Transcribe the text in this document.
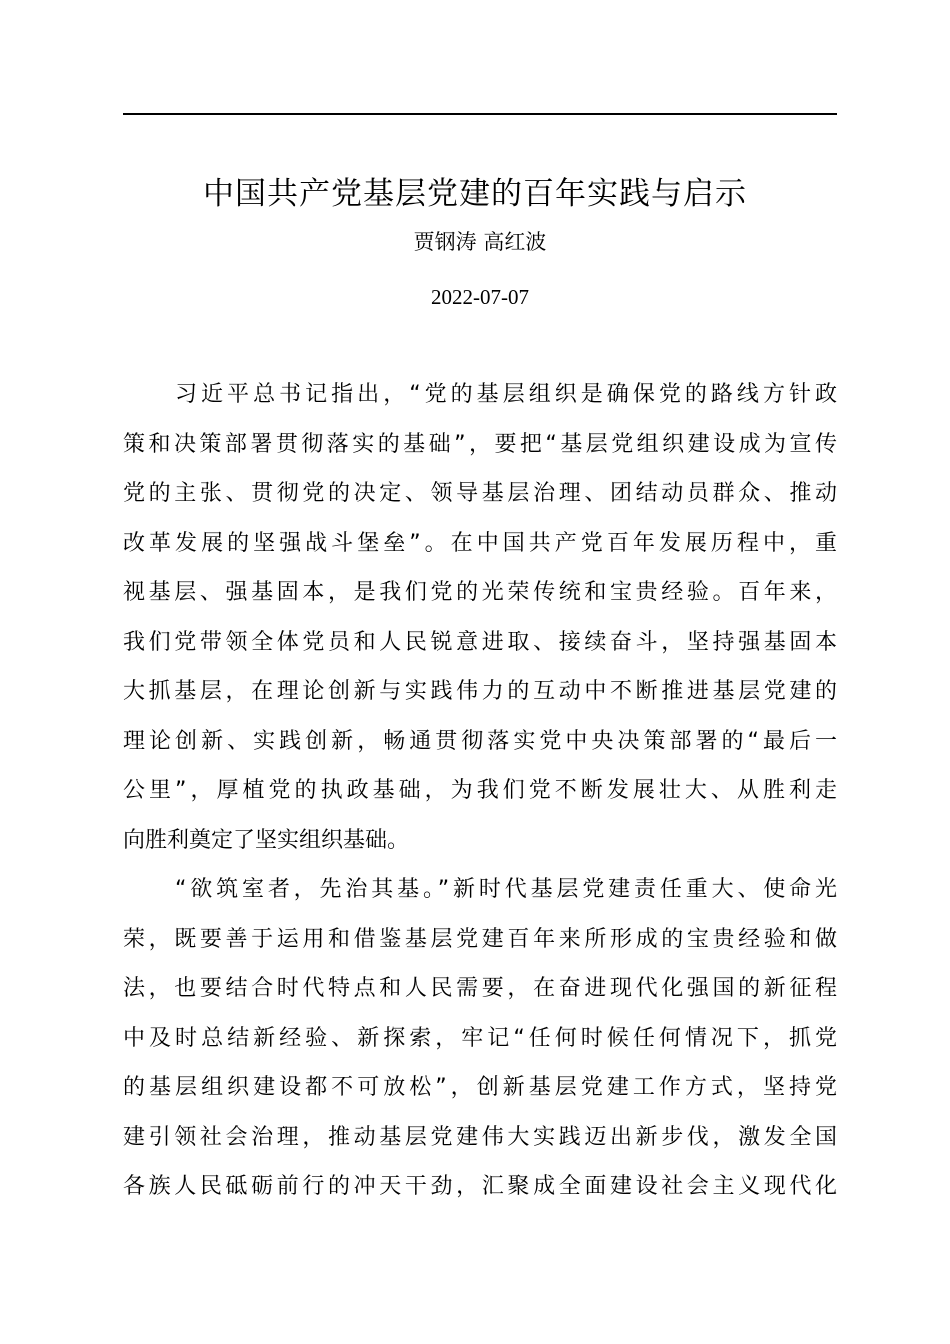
中国共产党基层党建的百年实践与启示
贾钢涛 高红波
2022-07-07
习近平总书记指出，“党的基层组织是确保党的路线方针政
策和决策部署贯彻落实的基础”，要把“基层党组织建设成为宣传
党的主张、贯彻党的决定、领导基层治理、团结动员群众、推动
改革发展的坚强战斗堡垒”。在中国共产党百年发展历程中，重
视基层、强基固本，是我们党的光荣传统和宝贵经验。百年来，
我们党带领全体党员和人民锐意进取、接续奋斗，坚持强基固本
大抓基层，在理论创新与实践伟力的互动中不断推进基层党建的
理论创新、实践创新，畅通贯彻落实党中央决策部署的“最后一
公里”，厚植党的执政基础，为我们党不断发展壮大、从胜利走
向胜利奠定了坚实组织基础。
“欲筑室者，先治其基。”新时代基层党建责任重大、使命光
荣，既要善于运用和借鉴基层党建百年来所形成的宝贵经验和做
法，也要结合时代特点和人民需要，在奋进现代化强国的新征程
中及时总结新经验、新探索，牢记“任何时候任何情况下，抓党
的基层组织建设都不可放松”，创新基层党建工作方式，坚持党
建引领社会治理，推动基层党建伟大实践迈出新步伐，激发全国
各族人民砥砺前行的冲天干劲，汇聚成全面建设社会主义现代化
